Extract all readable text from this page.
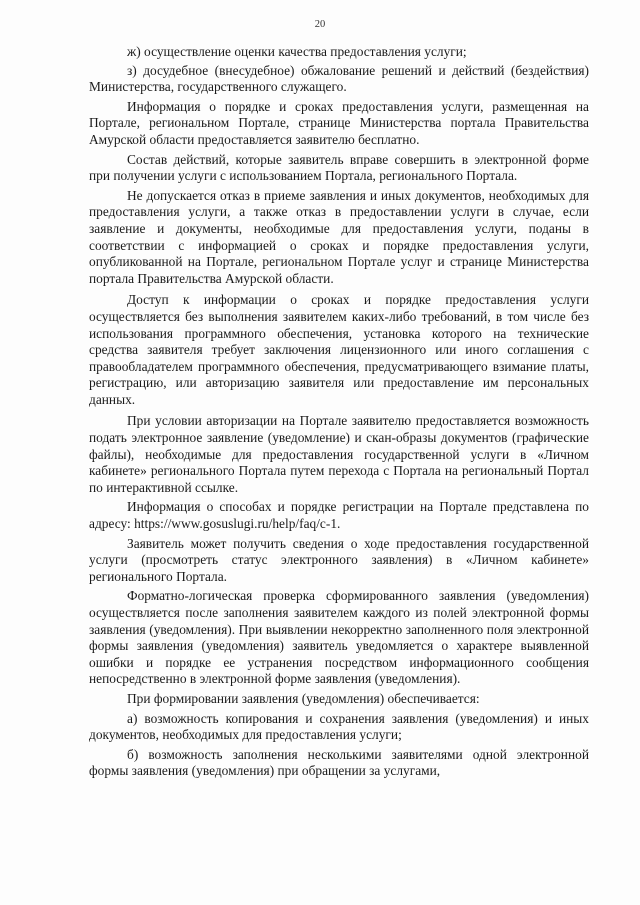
20

ж) осуществление оценки качества предоставления услуги;

з) досудебное (внесудебное) обжалование решений и действий (бездействия) Министерства, государственного служащего.

Информация о порядке и сроках предоставления услуги, размещенная на Портале, региональном Портале, странице Министерства портала Правительства Амурской области предоставляется заявителю бесплатно.

Состав действий, которые заявитель вправе совершить в электронной форме при получении услуги с использованием Портала, регионального Портала.

Не допускается отказ в приеме заявления и иных документов, необходимых для предоставления услуги, а также отказ в предоставлении услуги в случае, если заявление и документы, необходимые для предоставления услуги, поданы в соответствии с информацией о сроках и порядке предоставления услуги, опубликованной на Портале, региональном Портале услуг и странице Министерства портала Правительства Амурской области.

Доступ к информации о сроках и порядке предоставления услуги осуществляется без выполнения заявителем каких-либо требований, в том числе без использования программного обеспечения, установка которого на технические средства заявителя требует заключения лицензионного или иного соглашения с правообладателем программного обеспечения, предусматривающего взимание платы, регистрацию, или авторизацию заявителя или предоставление им персональных данных.

При условии авторизации на Портале заявителю предоставляется возможность подать электронное заявление (уведомление) и скан-образы документов (графические файлы), необходимые для предоставления государственной услуги в «Личном кабинете» регионального Портала путем перехода с Портала на региональный Портал по интерактивной ссылке.

Информация о способах и порядке регистрации на Портале представлена по адресу: https://www.gosuslugi.ru/help/faq/c-1.

Заявитель может получить сведения о ходе предоставления государственной услуги (просмотреть статус электронного заявления) в «Личном кабинете» регионального Портала.

Форматно-логическая проверка сформированного заявления (уведомления) осуществляется после заполнения заявителем каждого из полей электронной формы заявления (уведомления). При выявлении некорректно заполненного поля электронной формы заявления (уведомления) заявитель уведомляется о характере выявленной ошибки и порядке ее устранения посредством информационного сообщения непосредственно в электронной форме заявления (уведомления).

При формировании заявления (уведомления) обеспечивается:

а) возможность копирования и сохранения заявления (уведомления) и иных документов, необходимых для предоставления услуги;

б) возможность заполнения несколькими заявителями одной электронной формы заявления (уведомления) при обращении за услугами,
